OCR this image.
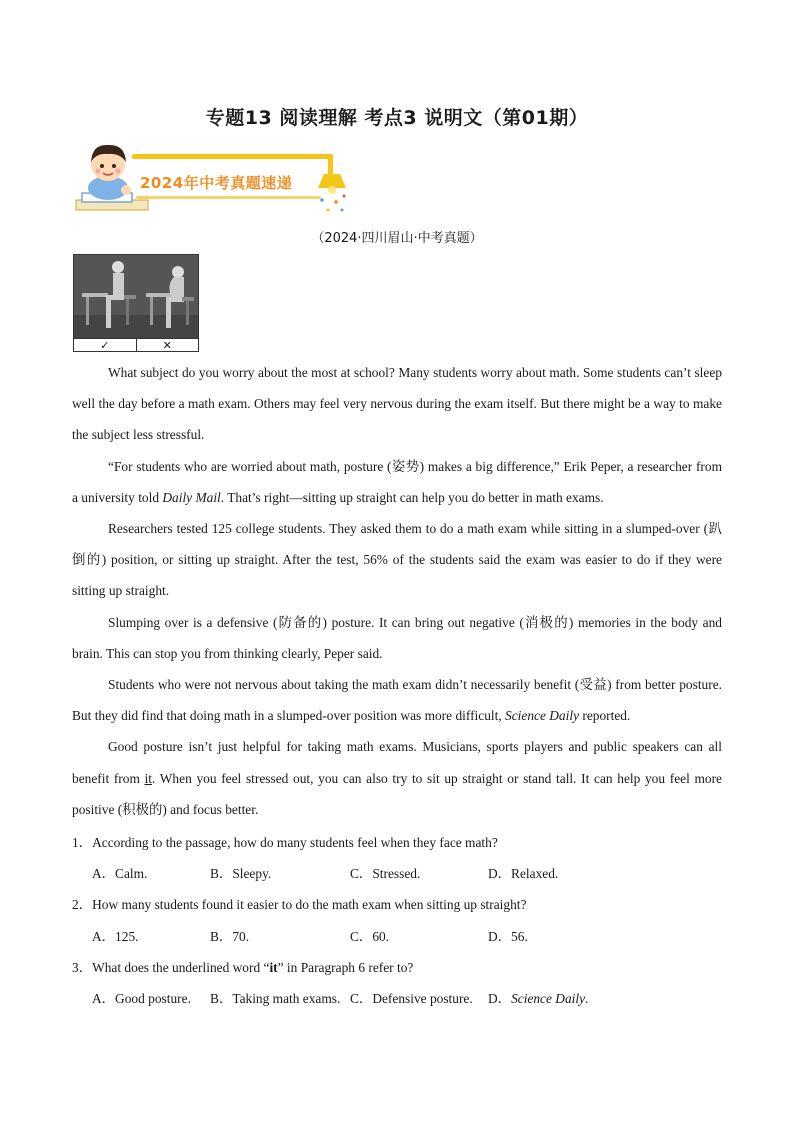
专题13 阅读理解 考点3 说明文（第01期）
2024年中考真题速递
（2024·四川眉山·中考真题）
✓	✕

What subject do you worry about the most at school? Many students worry about math. Some students can’t sleep well the day before a math exam. Others may feel very nervous during the exam itself. But there might be a way to make the subject less stressful.

“For students who are worried about math, posture (姿势) makes a big difference,” Erik Peper, a researcher from a university told Daily Mail. That’s right—sitting up straight can help you do better in math exams.

Researchers tested 125 college students. They asked them to do a math exam while sitting in a slumped-over (趴倒的) position, or sitting up straight. After the test, 56% of the students said the exam was easier to do if they were sitting up straight.

Slumping over is a defensive (防备的) posture. It can bring out negative (消极的) memories in the body and brain. This can stop you from thinking clearly, Peper said.

Students who were not nervous about taking the math exam didn’t necessarily benefit (受益) from better posture. But they did find that doing math in a slumped-over position was more difficult, Science Daily reported.

Good posture isn’t just helpful for taking math exams. Musicians, sports players and public speakers can all benefit from it. When you feel stressed out, you can also try to sit up straight or stand tall. It can help you feel more positive (积极的) and focus better.

1．According to the passage, how do many students feel when they face math?
A．Calm.	B．Sleepy.	C．Stressed.	D．Relaxed.
2．How many students found it easier to do the math exam when sitting up straight?
A．125.	B．70.	C．60.	D．56.
3．What does the underlined word “it” in Paragraph 6 refer to?
A．Good posture.	B．Taking math exams. C．Defensive posture.	D．Science Daily.
